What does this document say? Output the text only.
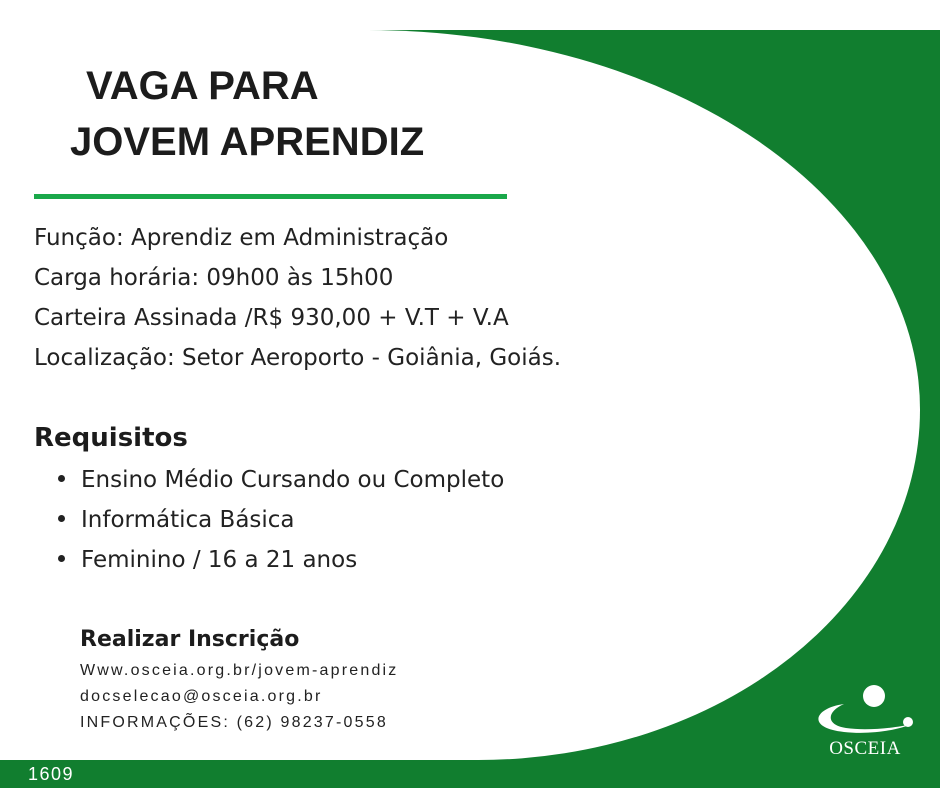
VAGA PARA
JOVEM APRENDIZ
Função: Aprendiz em Administração
Carga horária: 09h00 às 15h00
Carteira Assinada /R$ 930,00 + V.T + V.A
Localização: Setor Aeroporto - Goiânia, Goiás.
Requisitos
Ensino Médio Cursando ou Completo
Informática Básica
Feminino / 16 a 21 anos
Realizar Inscrição
Www.osceia.org.br/jovem-aprendiz
docselecao@osceia.org.br
INFORMAÇÕES: (62) 98237-0558
1609
OSCEIA
